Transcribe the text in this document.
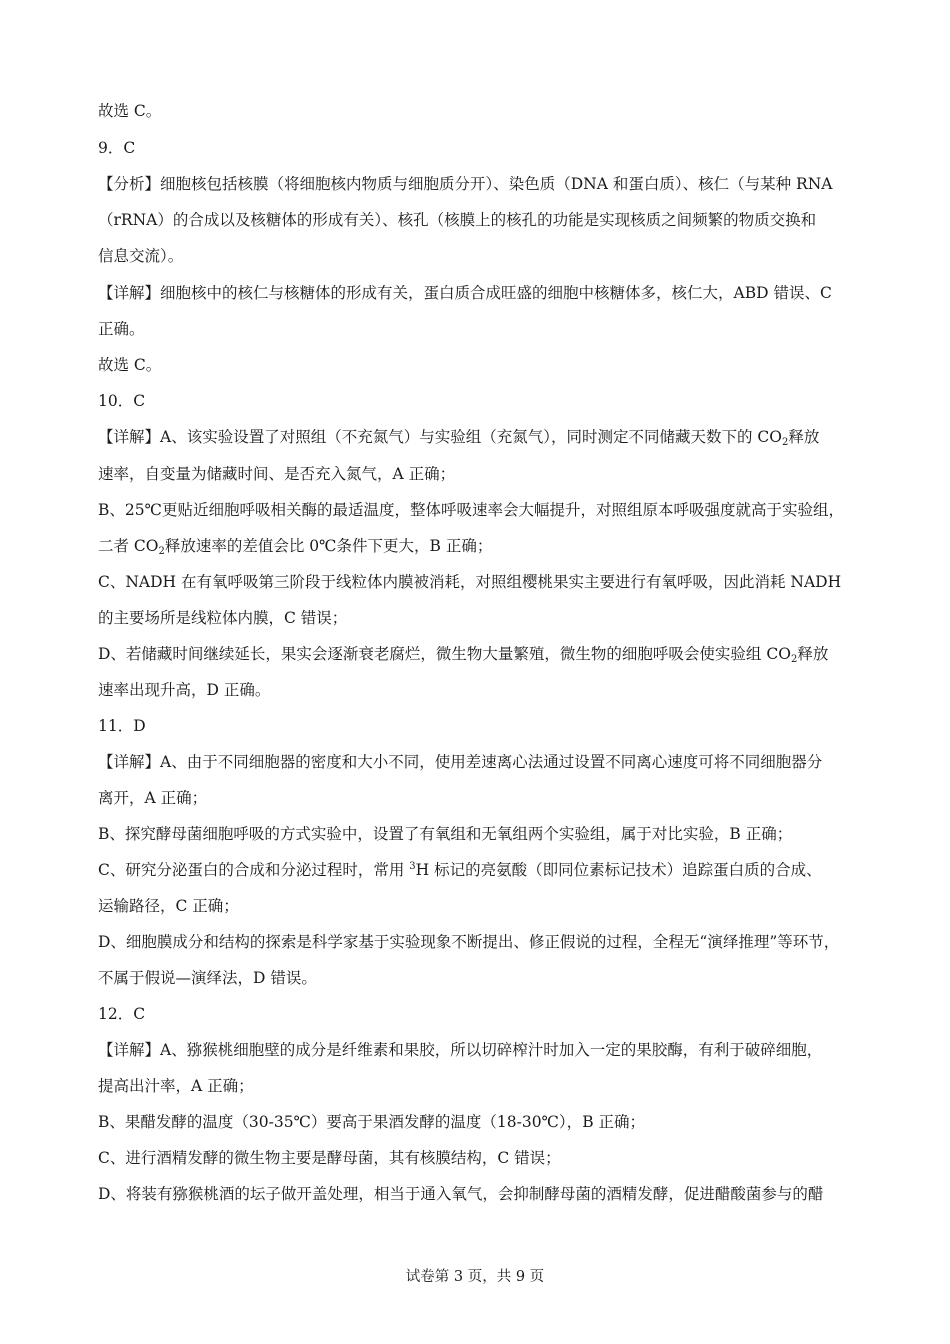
故选 C。
9．C
【分析】细胞核包括核膜（将细胞核内物质与细胞质分开）、染色质（DNA 和蛋白质）、核仁（与某种 RNA
（rRNA）的合成以及核糖体的形成有关）、核孔（核膜上的核孔的功能是实现核质之间频繁的物质交换和
信息交流）。
【详解】细胞核中的核仁与核糖体的形成有关，蛋白质合成旺盛的细胞中核糖体多，核仁大，ABD 错误、C
正确。
故选 C。
10．C
【详解】A、该实验设置了对照组（不充氮气）与实验组（充氮气），同时测定不同储藏天数下的 $CO_2$释放
速率，自变量为储藏时间、是否充入氮气，A 正确；
B、25℃更贴近细胞呼吸相关酶的最适温度，整体呼吸速率会大幅提升，对照组原本呼吸强度就高于实验组，
二者 $CO_2$释放速率的差值会比 0℃条件下更大，B 正确；
C、NADH 在有氧呼吸第三阶段于线粒体内膜被消耗，对照组樱桃果实主要进行有氧呼吸，因此消耗 NADH
的主要场所是线粒体内膜，C 错误；
D、若储藏时间继续延长，果实会逐渐衰老腐烂，微生物大量繁殖，微生物的细胞呼吸会使实验组 $CO_2$释放
速率出现升高，D 正确。
11．D
【详解】A、由于不同细胞器的密度和大小不同，使用差速离心法通过设置不同离心速度可将不同细胞器分
离开，A 正确；
B、探究酵母菌细胞呼吸的方式实验中，设置了有氧组和无氧组两个实验组，属于对比实验，B 正确；
C、研究分泌蛋白的合成和分泌过程时，常用 $^3$H 标记的亮氨酸（即同位素标记技术）追踪蛋白质的合成、
运输路径，C 正确；
D、细胞膜成分和结构的探索是科学家基于实验现象不断提出、修正假说的过程，全程无“演绎推理”等环节，
不属于假说—演绎法，D 错误。
12．C
【详解】A、猕猴桃细胞壁的成分是纤维素和果胶，所以切碎榨汁时加入一定的果胶酶，有利于破碎细胞，
提高出汁率，A 正确；
B、果醋发酵的温度（30-35℃）要高于果酒发酵的温度（18-30℃），B 正确；
C、进行酒精发酵的微生物主要是酵母菌，其有核膜结构，C 错误；
D、将装有猕猴桃酒的坛子做开盖处理，相当于通入氧气，会抑制酵母菌的酒精发酵，促进醋酸菌参与的醋
试卷第 3 页，共 9 页
